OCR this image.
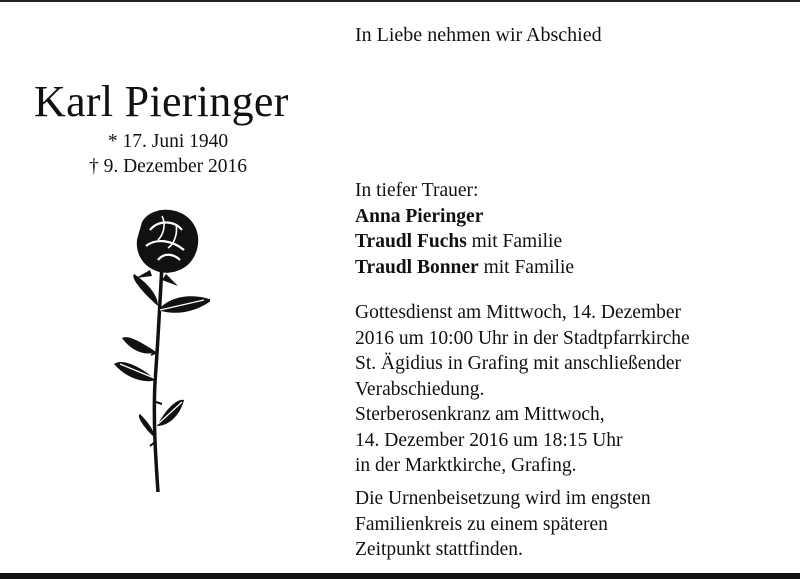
In Liebe nehmen wir Abschied
Karl Pieringer
* 17. Juni 1940
† 9. Dezember 2016
In tiefer Trauer:
Anna Pieringer
Traudl Fuchs mit Familie
Traudl Bonner mit Familie
Gottesdienst am Mittwoch, 14. Dezember
2016 um 10:00 Uhr in der Stadtpfarrkirche
St. Ägidius in Grafing mit anschließender
Verabschiedung.
Sterberosenkranz am Mittwoch,
14. Dezember 2016 um 18:15 Uhr
in der Marktkirche, Grafing.
Die Urnenbeisetzung wird im engsten
Familienkreis zu einem späteren
Zeitpunkt stattfinden.
